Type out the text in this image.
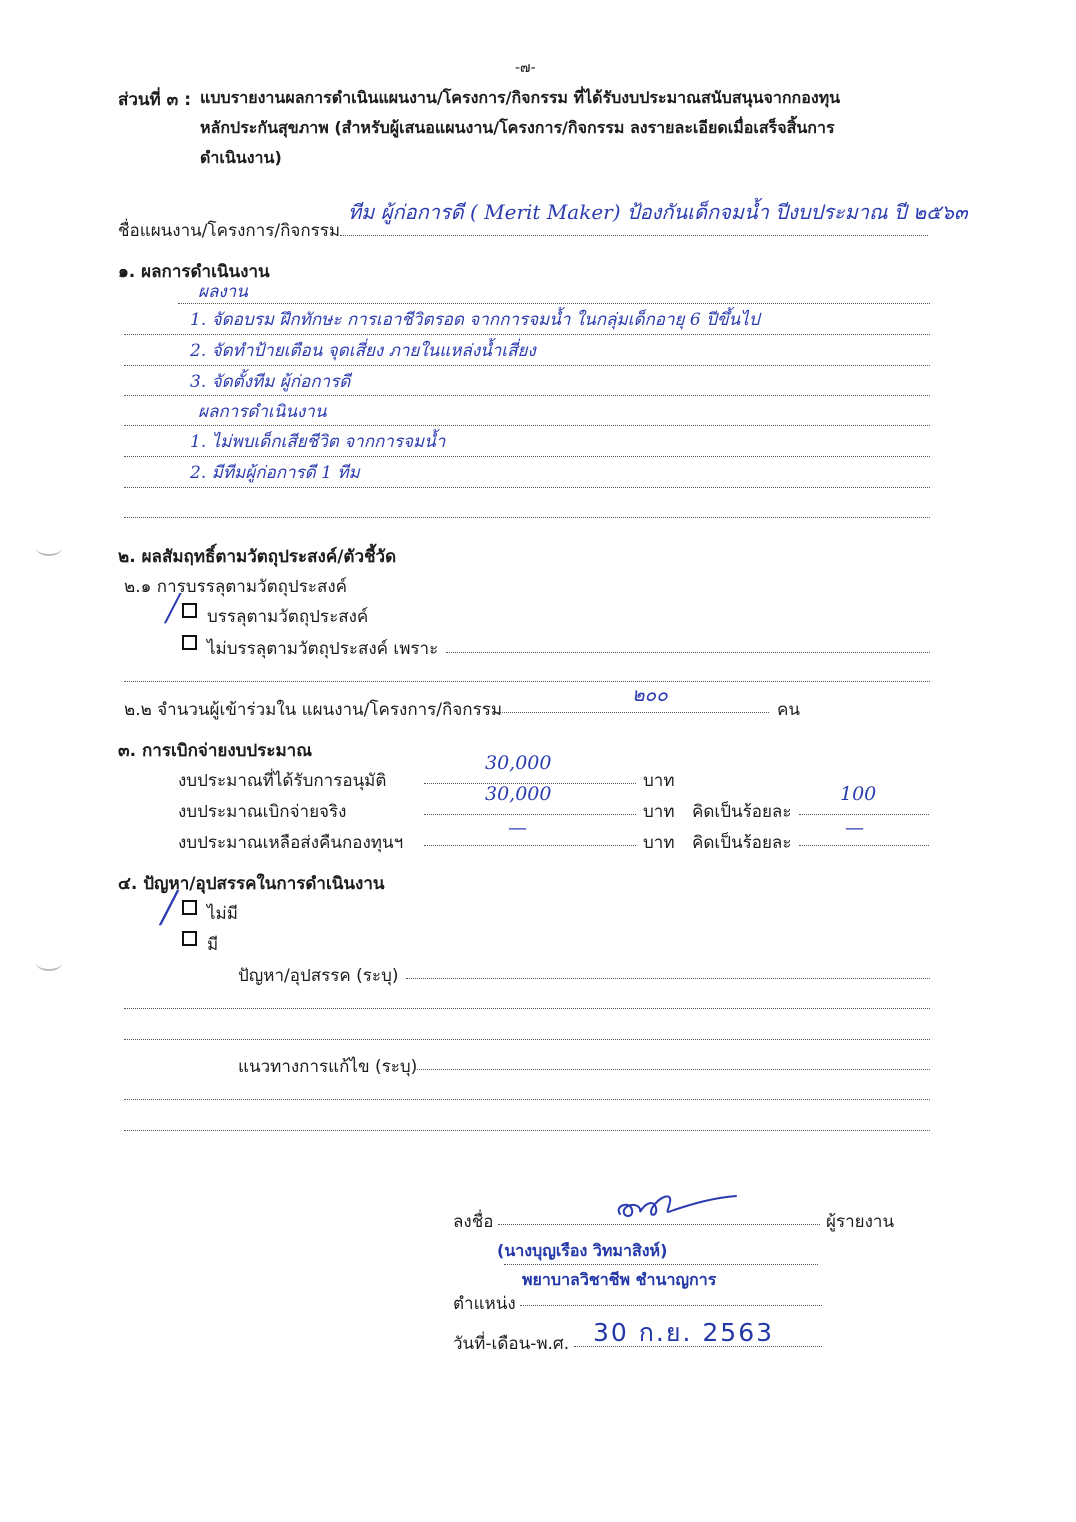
-๗-
ส่วนที่ ๓ : แบบรายงานผลการดำเนินแผนงาน/โครงการ/กิจกรรม ที่ได้รับงบประมาณสนับสนุนจากกองทุน
หลักประกันสุขภาพ (สำหรับผู้เสนอแผนงาน/โครงการ/กิจกรรม ลงรายละเอียดเมื่อเสร็จสิ้นการ
ดำเนินงาน)
ชื่อแผนงาน/โครงการ/กิจกรรม
ทีม ผู้ก่อการดี ( Merit Maker) ป้องกันเด็กจมน้ำ ปีงบประมาณ ปี ๒๕๖๓
๑. ผลการดำเนินงาน
ผลงาน
1. จัดอบรม ฝึกทักษะ การเอาชีวิตรอด จากการจมน้ำ ในกลุ่มเด็กอายุ 6 ปีขึ้นไป
2. จัดทำป้ายเตือน จุดเสี่ยง ภายในแหล่งน้ำเสี่ยง
3. จัดตั้งทีม ผู้ก่อการดี
ผลการดำเนินงาน
1. ไม่พบเด็กเสียชีวิต จากการจมน้ำ
2. มีทีมผู้ก่อการดี 1 ทีม
๒. ผลสัมฤทธิ์ตามวัตถุประสงค์/ตัวชี้วัด
๒.๑ การบรรลุตามวัตถุประสงค์
╱ บรรลุตามวัตถุประสงค์
ไม่บรรลุตามวัตถุประสงค์ เพราะ
๒.๒ จำนวนผู้เข้าร่วมใน แผนงาน/โครงการ/กิจกรรม
๒๐๐
คน
๓. การเบิกจ่ายงบประมาณ
งบประมาณที่ได้รับการอนุมัติ
30,000
บาท
งบประมาณเบิกจ่ายจริง
30,000
บาท คิดเป็นร้อยละ
100
งบประมาณเหลือส่งคืนกองทุนฯ
—
บาท คิดเป็นร้อยละ
—
๔. ปัญหา/อุปสรรคในการดำเนินงาน
╱ ไม่มี
มี
ปัญหา/อุปสรรค (ระบุ)
แนวทางการแก้ไข (ระบุ)
ลงชื่อ	ผู้รายงาน
(นางบุญเรือง วิทมาสิงห์)
ตำแหน่ง
พยาบาลวิชาชีพ ชำนาญการ
วันที่-เดือน-พ.ศ. 30 ก.ย. 2563
